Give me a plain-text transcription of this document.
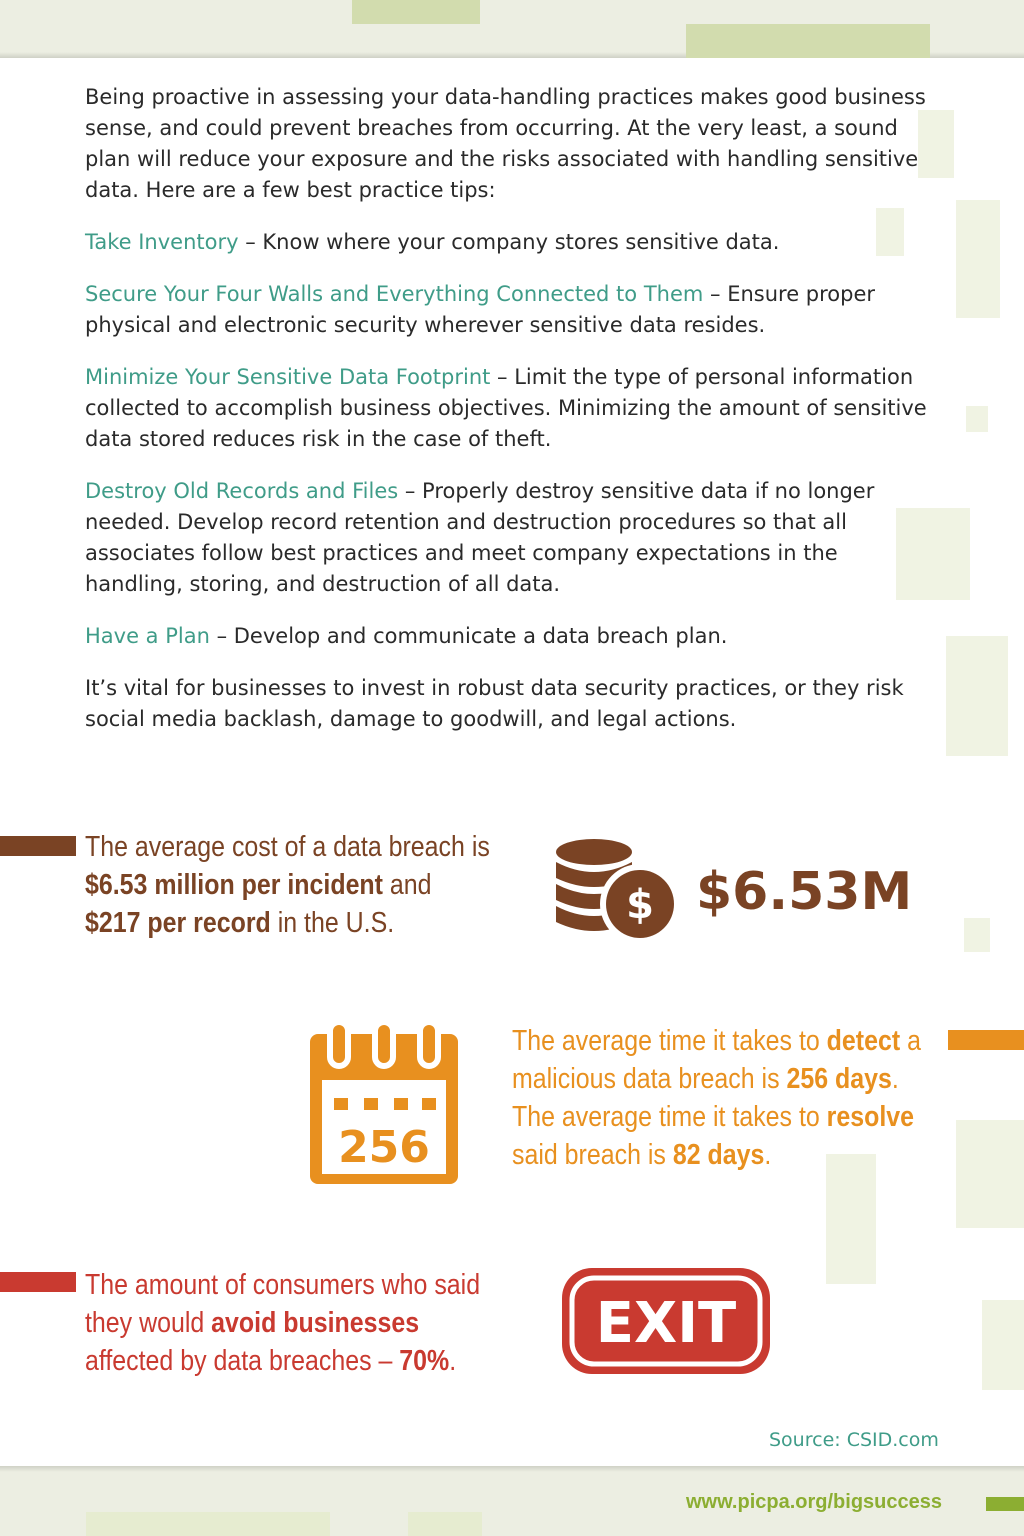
Being proactive in assessing your data-handling practices makes good business sense, and could prevent breaches from occurring. At the very least, a sound plan will reduce your exposure and the risks associated with handling sensitive data. Here are a few best practice tips:

Take Inventory – Know where your company stores sensitive data.

Secure Your Four Walls and Everything Connected to Them – Ensure proper physical and electronic security wherever sensitive data resides.

Minimize Your Sensitive Data Footprint – Limit the type of personal information collected to accomplish business objectives. Minimizing the amount of sensitive data stored reduces risk in the case of theft.

Destroy Old Records and Files – Properly destroy sensitive data if no longer needed. Develop record retention and destruction procedures so that all associates follow best practices and meet company expectations in the handling, storing, and destruction of all data.

Have a Plan – Develop and communicate a data breach plan.

It’s vital for businesses to invest in robust data security practices, or they risk social media backlash, damage to goodwill, and legal actions.

The average cost of a data breach is
$6.53 million per incident and
$217 per record in the U.S.	$ $6.53M
256
The average time it takes to detect a
malicious data breach is 256 days.
The average time it takes to resolve
said breach is 82 days.
The amount of consumers who said
they would avoid businesses
affected by data breaches – 70%.
EXIT
Source: CSID.com
www.picpa.org/bigsuccess
